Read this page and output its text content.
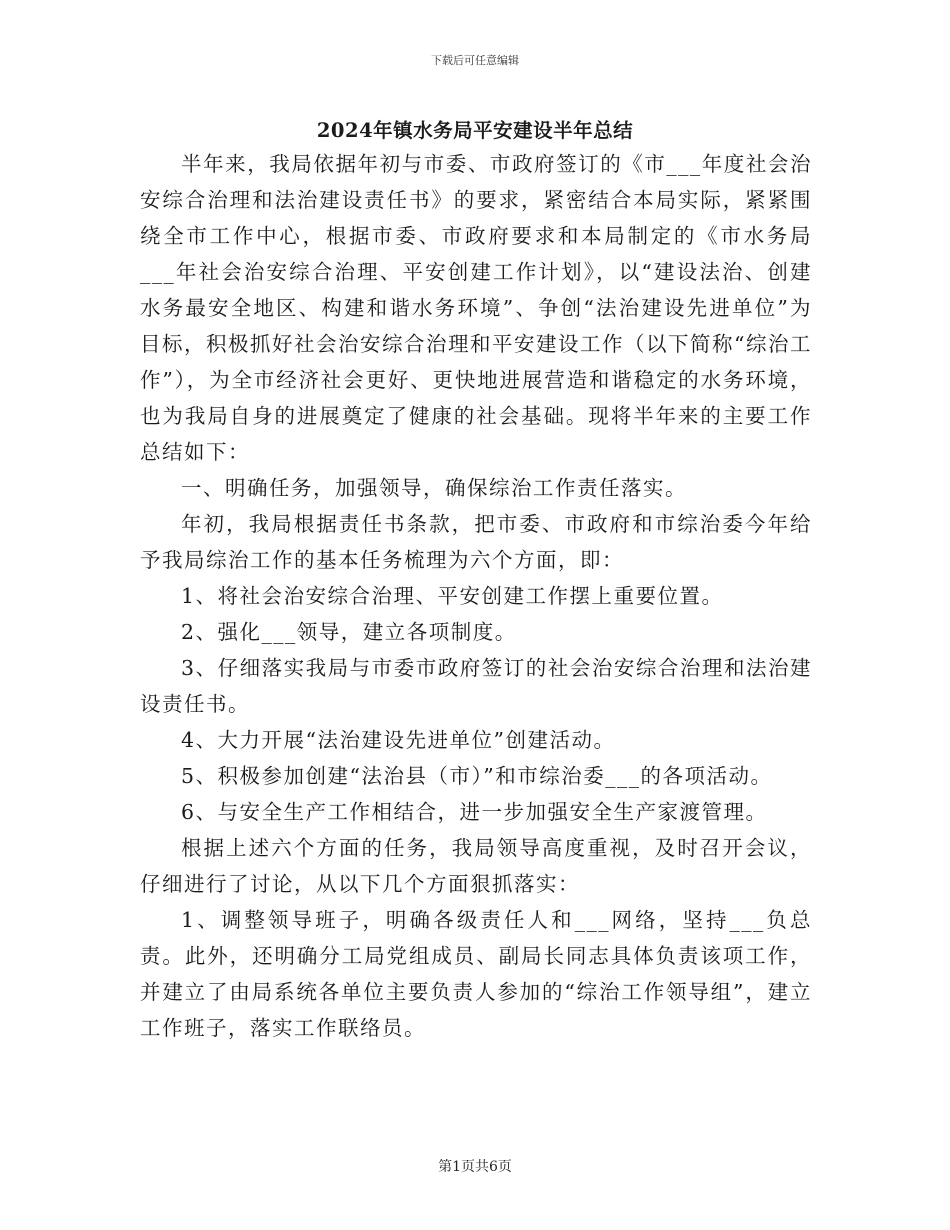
下载后可任意编辑
2024年镇水务局平安建设半年总结

半年来，我局依据年初与市委、市政府签订的《市___年度社会治安综合治理和法治建设责任书》的要求，紧密结合本局实际，紧紧围绕全市工作中心，根据市委、市政府要求和本局制定的《市水务局___年社会治安综合治理、平安创建工作计划》，以“建设法治、创建水务最安全地区、构建和谐水务环境”、争创“法治建设先进单位”为目标，积极抓好社会治安综合治理和平安建设工作（以下简称“综治工作”），为全市经济社会更好、更快地进展营造和谐稳定的水务环境，也为我局自身的进展奠定了健康的社会基础。现将半年来的主要工作总结如下：

一、明确任务，加强领导，确保综治工作责任落实。

年初，我局根据责任书条款，把市委、市政府和市综治委今年给予我局综治工作的基本任务梳理为六个方面，即：

1、将社会治安综合治理、平安创建工作摆上重要位置。

2、强化___领导，建立各项制度。

3、仔细落实我局与市委市政府签订的社会治安综合治理和法治建设责任书。

4、大力开展“法治建设先进单位”创建活动。

5、积极参加创建“法治县（市）”和市综治委___的各项活动。

6、与安全生产工作相结合，进一步加强安全生产家渡管理。

根据上述六个方面的任务，我局领导高度重视，及时召开会议，仔细进行了讨论，从以下几个方面狠抓落实：

1、调整领导班子，明确各级责任人和___网络，坚持___负总责。此外，还明确分工局党组成员、副局长同志具体负责该项工作，并建立了由局系统各单位主要负责人参加的“综治工作领导组”，建立工作班子，落实工作联络员。

第1页共6页
